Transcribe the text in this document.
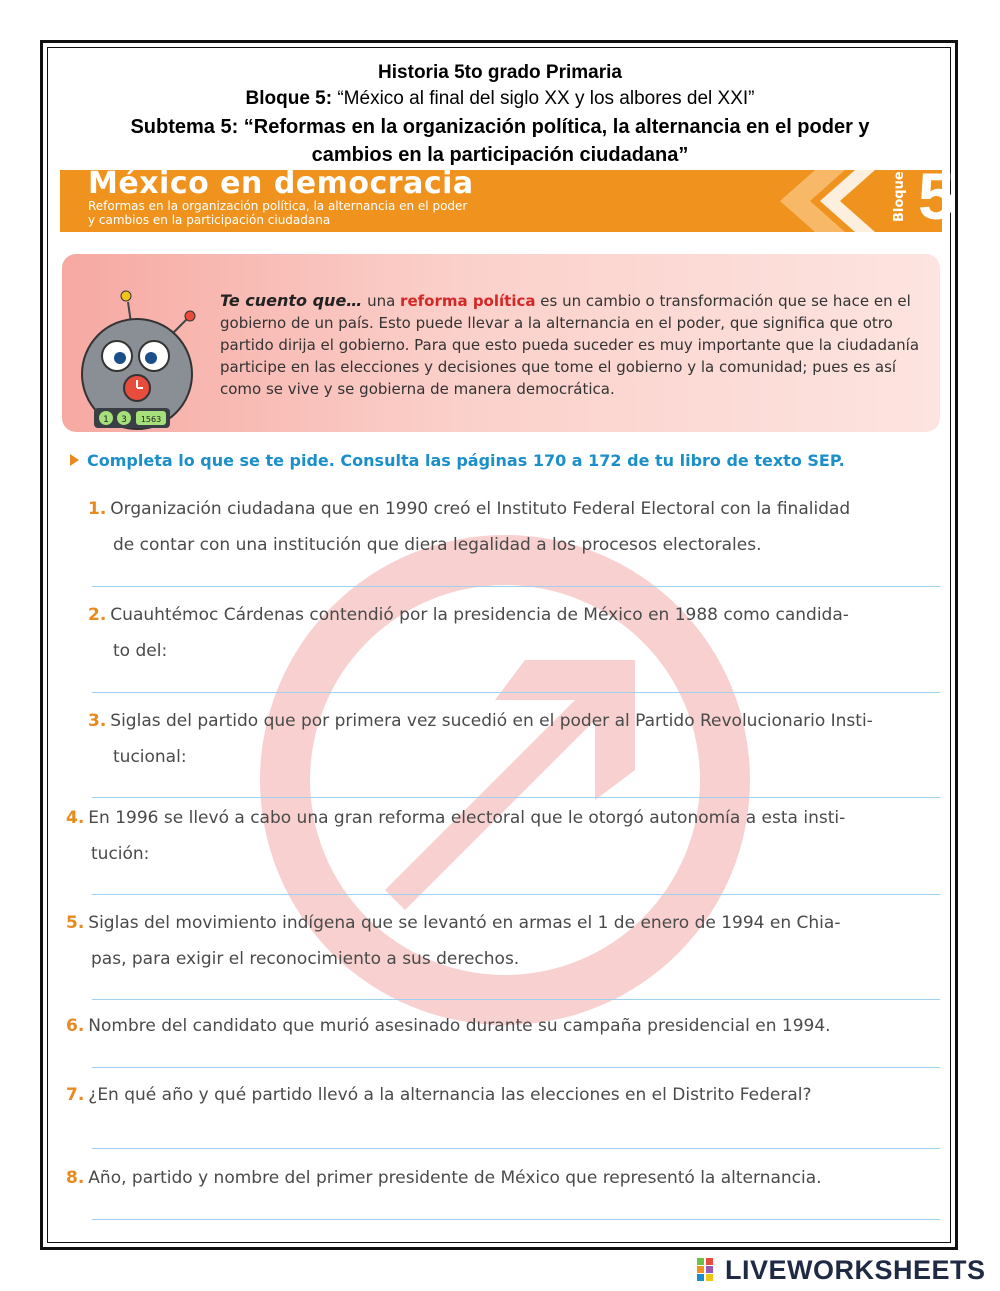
Historia 5to grado Primaria
Bloque 5: “México al final del siglo XX y los albores del XXI”
Subtema 5: “Reformas en la organización política, la alternancia en el poder y
cambios en la participación ciudadana”
México en democracia
Reformas en la organización política, la alternancia en el poder
y cambios en la participación ciudadana	Bloque 5
1 3 1563
Te cuento que… una reforma política es un cambio o transformación que se hace en el gobierno de un país. Esto puede llevar a la alternancia en el poder, que significa que otro partido dirija el gobierno. Para que esto pueda suceder es muy importante que la ciudadanía participe en las elecciones y decisiones que tome el gobierno y la comunidad; pues es así como se vive y se gobierna de manera democrática.
Completa lo que se te pide. Consulta las páginas 170 a 172 de tu libro de texto SEP.
1. Organización ciudadana que en 1990 creó el Instituto Federal Electoral con la finalidad
de contar con una institución que diera legalidad a los procesos electorales.
2. Cuauhtémoc Cárdenas contendió por la presidencia de México en 1988 como candida-
to del:
3. Siglas del partido que por primera vez sucedió en el poder al Partido Revolucionario Insti-
tucional:
4. En 1996 se llevó a cabo una gran reforma electoral que le otorgó autonomía a esta insti-
tución:
5. Siglas del movimiento indígena que se levantó en armas el 1 de enero de 1994 en Chia-
pas, para exigir el reconocimiento a sus derechos.
6. Nombre del candidato que murió asesinado durante su campaña presidencial en 1994.
7. ¿En qué año y qué partido llevó a la alternancia las elecciones en el Distrito Federal?
8. Año, partido y nombre del primer presidente de México que representó la alternancia.
LIVEWORKSHEETS
